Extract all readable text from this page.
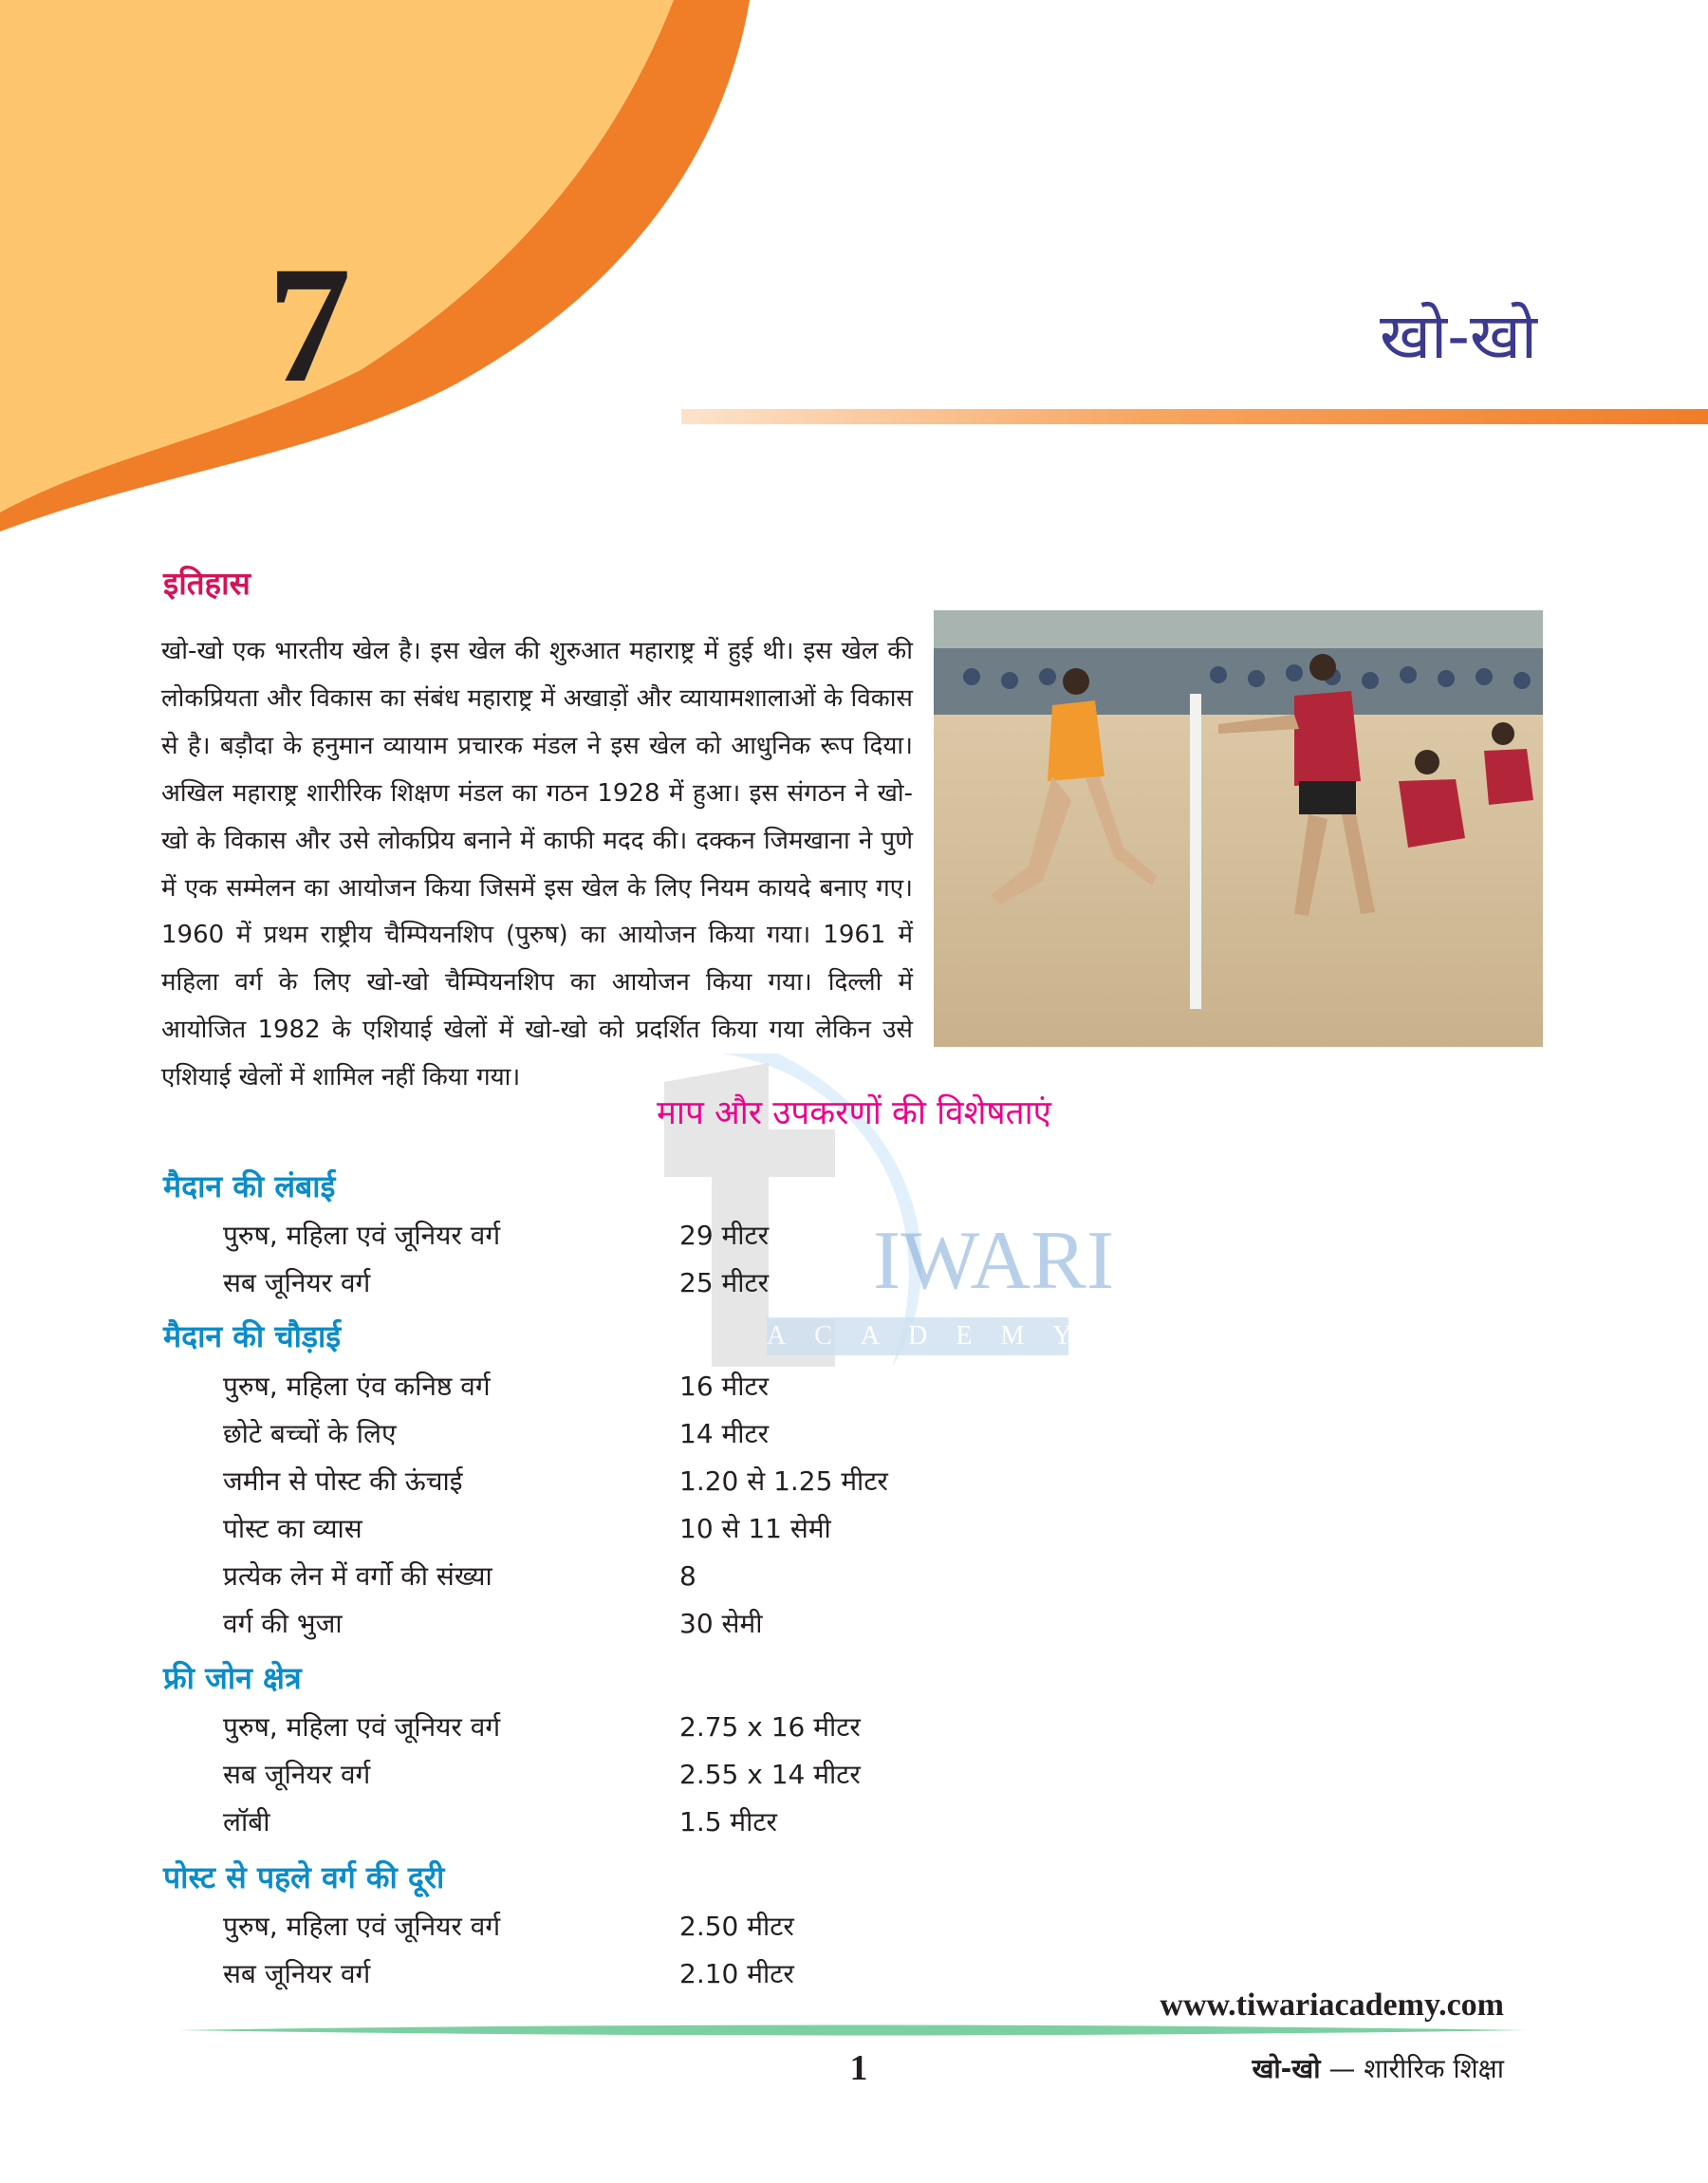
7	खो-खो
इतिहास

खो-खो एक भारतीय खेल है। इस खेल की शुरुआत महाराष्ट्र में हुई थी। इस खेल की लोकप्रियता और विकास का संबंध महाराष्ट्र में अखाड़ों और व्यायामशालाओं के विकास से है। बड़ौदा के हनुमान व्यायाम प्रचारक मंडल ने इस खेल को आधुनिक रूप दिया। अखिल महाराष्ट्र शारीरिक शिक्षण मंडल का गठन 1928 में हुआ। इस संगठन ने खो-खो के विकास और उसे लोकप्रिय बनाने में काफी मदद की। दक्कन जिमखाना ने पुणे में एक सम्मेलन का आयोजन किया जिसमें इस खेल के लिए नियम कायदे बनाए गए। 1960 में प्रथम राष्ट्रीय चैम्पियनशिप (पुरुष) का आयोजन किया गया। 1961 में महिला वर्ग के लिए खो-खो चैम्पियनशिप का आयोजन किया गया। दिल्ली में आयोजित 1982 के एशियाई खेलों में खो-खो को प्रदर्शित किया गया लेकिन उसे एशियाई खेलों में शामिल नहीं किया गया।

IWARI
ACADEMY
माप और उपकरणों की विशेषताएं
मैदान की लंबाई
पुरुष, महिला एवं जूनियर वर्ग	29 मीटर
सब जूनियर वर्ग	25 मीटर
मैदान की चौड़ाई
पुरुष, महिला एंव कनिष्ठ वर्ग	16 मीटर
छोटे बच्चों के लिए	14 मीटर
जमीन से पोस्ट की ऊंचाई	1.20 से 1.25 मीटर
पोस्ट का व्यास	10 से 11 सेमी
प्रत्येक लेन में वर्गो की संख्या	8
वर्ग की भुजा	30 सेमी
फ्री जोन क्षेत्र
पुरुष, महिला एवं जूनियर वर्ग	2.75 x 16 मीटर
सब जूनियर वर्ग	2.55 x 14 मीटर
लॉबी	1.5 मीटर
पोस्ट से पहले वर्ग की दूरी
पुरुष, महिला एवं जूनियर वर्ग	2.50 मीटर
सब जूनियर वर्ग	2.10 मीटर
www.tiwariacademy.com
1	खो-खो — शारीरिक शिक्षा
